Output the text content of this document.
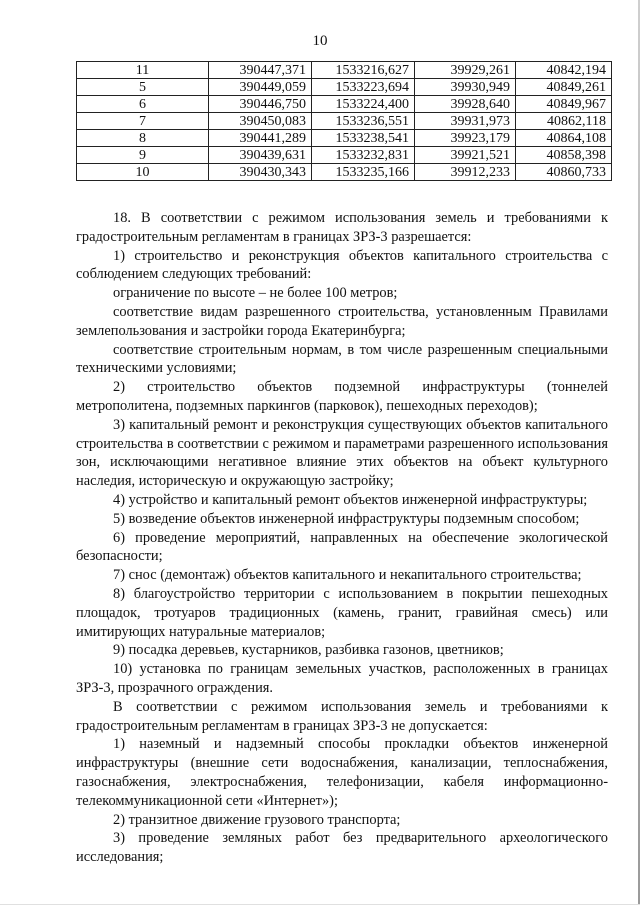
10
11	390447,371	1533216,627	39929,261	40842,194
5	390449,059	1533223,694	39930,949	40849,261
6	390446,750	1533224,400	39928,640	40849,967
7	390450,083	1533236,551	39931,973	40862,118
8	390441,289	1533238,541	39923,179	40864,108
9	390439,631	1533232,831	39921,521	40858,398
10	390430,343	1533235,166	39912,233	40860,733

18. В соответствии с режимом использования земель и требованиями к градостроительным регламентам в границах ЗРЗ-3 разрешается:

1) строительство и реконструкция объектов капитального строительства с соблюдением следующих требований:

ограничение по высоте – не более 100 метров;

соответствие видам разрешенного строительства, установленным Правилами землепользования и застройки города Екатеринбурга;

соответствие строительным нормам, в том числе разрешенным специальными техническими условиями;

2) строительство объектов подземной инфраструктуры (тоннелей метрополитена, подземных паркингов (парковок), пешеходных переходов);

3) капитальный ремонт и реконструкция существующих объектов капитального строительства в соответствии с режимом и параметрами разрешенного использования зон, исключающими негативное влияние этих объектов на объект культурного наследия, историческую и окружающую застройку;

4) устройство и капитальный ремонт объектов инженерной инфраструктуры;

5) возведение объектов инженерной инфраструктуры подземным способом;

6) проведение мероприятий, направленных на обеспечение экологической безопасности;

7) снос (демонтаж) объектов капитального и некапитального строительства;

8) благоустройство территории с использованием в покрытии пешеходных площадок, тротуаров традиционных (камень, гранит, гравийная смесь) или имитирующих натуральные материалов;

9) посадка деревьев, кустарников, разбивка газонов, цветников;

10) установка по границам земельных участков, расположенных в границах ЗРЗ-3, прозрачного ограждения.

В соответствии с режимом использования земель и требованиями к градостроительным регламентам в границах ЗРЗ-3 не допускается:

1) наземный и надземный способы прокладки объектов инженерной инфраструктуры (внешние сети водоснабжения, канализации, теплоснабжения, газоснабжения, электроснабжения, телефонизации, кабеля информационно-телекоммуникационной сети «Интернет»);

2) транзитное движение грузового транспорта;

3) проведение земляных работ без предварительного археологического исследования;
